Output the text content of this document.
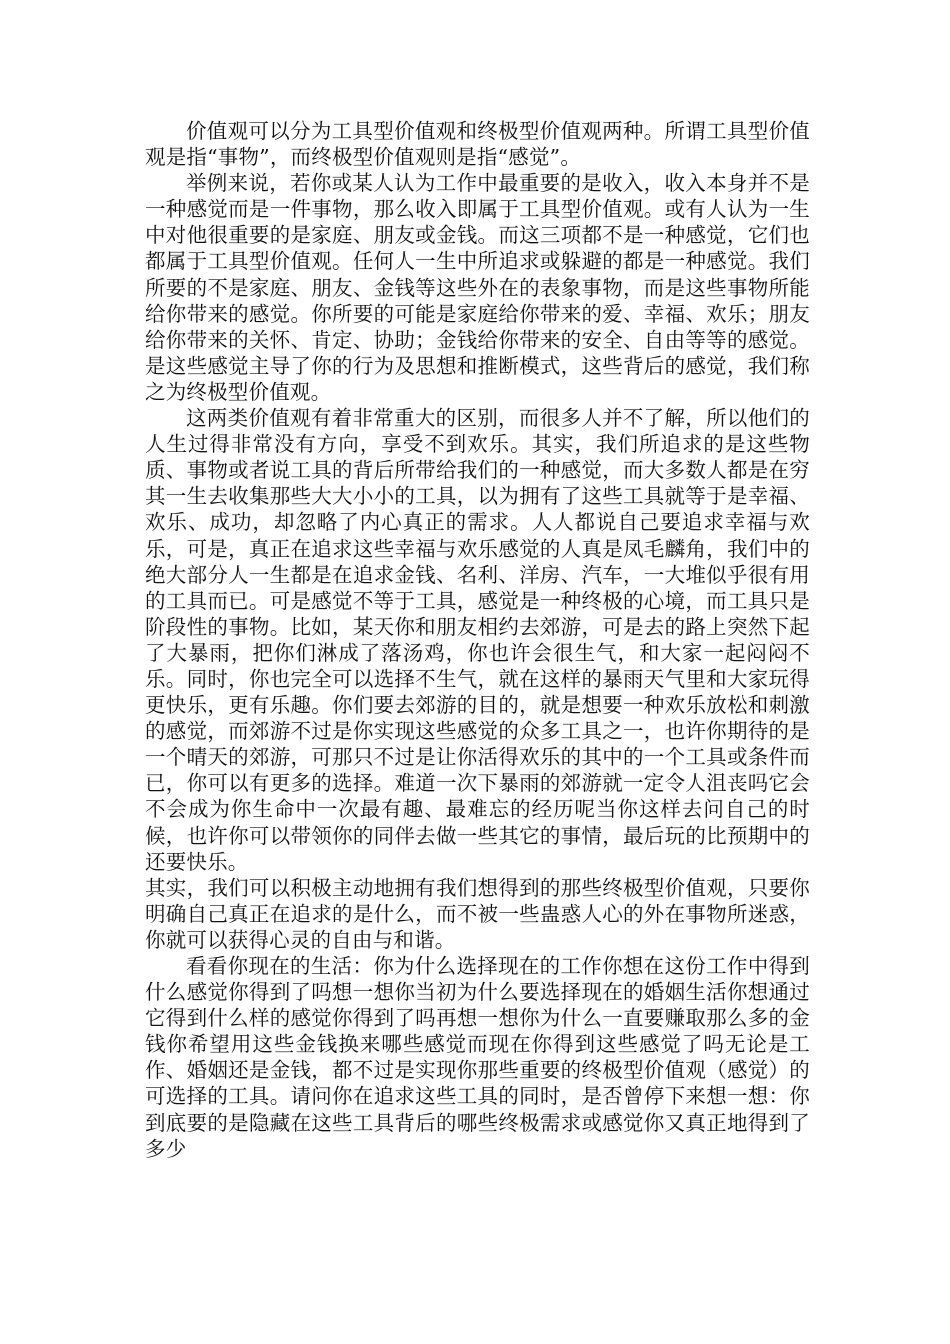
价值观可以分为工具型价值观和终极型价值观两种。所谓工具型价值观是指“事物”，而终极型价值观则是指“感觉”。

举例来说，若你或某人认为工作中最重要的是收入，收入本身并不是一种感觉而是一件事物，那么收入即属于工具型价值观。或有人认为一生中对他很重要的是家庭、朋友或金钱。而这三项都不是一种感觉，它们也都属于工具型价值观。任何人一生中所追求或躲避的都是一种感觉。我们所要的不是家庭、朋友、金钱等这些外在的表象事物，而是这些事物所能给你带来的感觉。你所要的可能是家庭给你带来的爱、幸福、欢乐；朋友给你带来的关怀、肯定、协助；金钱给你带来的安全、自由等等的感觉。是这些感觉主导了你的行为及思想和推断模式，这些背后的感觉，我们称之为终极型价值观。

这两类价值观有着非常重大的区别，而很多人并不了解，所以他们的人生过得非常没有方向，享受不到欢乐。其实，我们所追求的是这些物质、事物或者说工具的背后所带给我们的一种感觉，而大多数人都是在穷其一生去收集那些大大小小的工具，以为拥有了这些工具就等于是幸福、欢乐、成功，却忽略了内心真正的需求。人人都说自己要追求幸福与欢乐，可是，真正在追求这些幸福与欢乐感觉的人真是凤毛麟角，我们中的绝大部分人一生都是在追求金钱、名利、洋房、汽车，一大堆似乎很有用的工具而已。可是感觉不等于工具，感觉是一种终极的心境，而工具只是阶段性的事物。比如，某天你和朋友相约去郊游，可是去的路上突然下起了大暴雨，把你们淋成了落汤鸡，你也许会很生气，和大家一起闷闷不乐。同时，你也完全可以选择不生气，就在这样的暴雨天气里和大家玩得更快乐，更有乐趣。你们要去郊游的目的，就是想要一种欢乐放松和刺激的感觉，而郊游不过是你实现这些感觉的众多工具之一，也许你期待的是一个晴天的郊游，可那只不过是让你活得欢乐的其中的一个工具或条件而已，你可以有更多的选择。难道一次下暴雨的郊游就一定令人沮丧吗它会不会成为你生命中一次最有趣、最难忘的经历呢当你这样去问自己的时候，也许你可以带领你的同伴去做一些其它的事情，最后玩的比预期中的还要快乐。

其实，我们可以积极主动地拥有我们想得到的那些终极型价值观，只要你明确自己真正在追求的是什么，而不被一些蛊惑人心的外在事物所迷惑，你就可以获得心灵的自由与和谐。

看看你现在的生活：你为什么选择现在的工作你想在这份工作中得到什么感觉你得到了吗想一想你当初为什么要选择现在的婚姻生活你想通过它得到什么样的感觉你得到了吗再想一想你为什么一直要赚取那么多的金钱你希望用这些金钱换来哪些感觉而现在你得到这些感觉了吗无论是工作、婚姻还是金钱，都不过是实现你那些重要的终极型价值观（感觉）的可选择的工具。请问你在追求这些工具的同时，是否曾停下来想一想：你到底要的是隐藏在这些工具背后的哪些终极需求或感觉你又真正地得到了多少
